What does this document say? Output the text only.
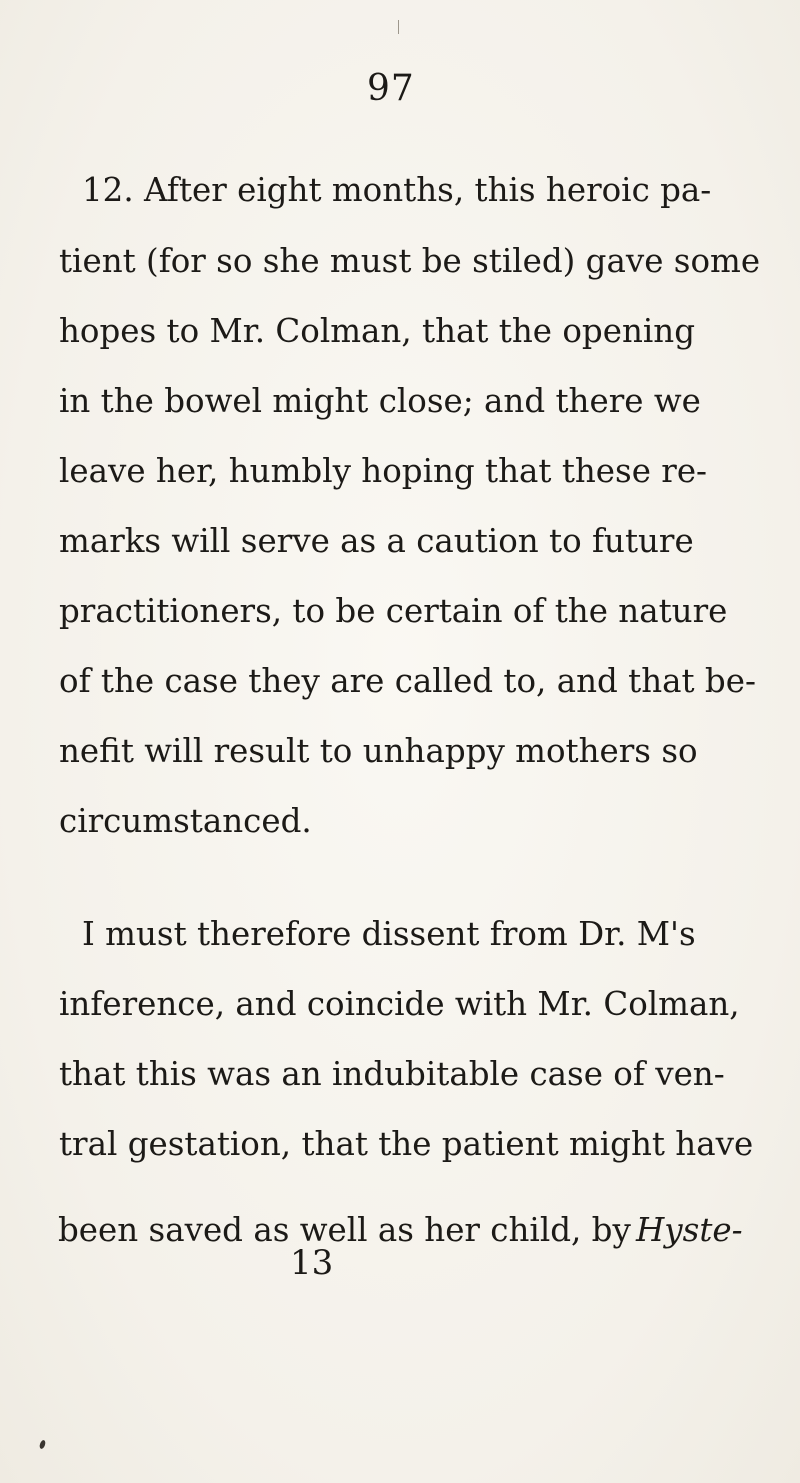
97
12. After eight months, this heroic pa-
tient (for so she must be stiled) gave some
hopes to Mr. Colman, that the opening
in the bowel might close; and there we
leave her, humbly hoping that these re-
marks will serve as a caution to future
practitioners, to be certain of the nature
of the case they are called to, and that be-
nefit will result to unhappy mothers so
circumstanced.
I must therefore dissent from Dr. M's
inference, and coincide with Mr. Colman,
that this was an indubitable case of ven-
tral gestation, that the patient might have
been saved as well as her child, by Hyste-
13
